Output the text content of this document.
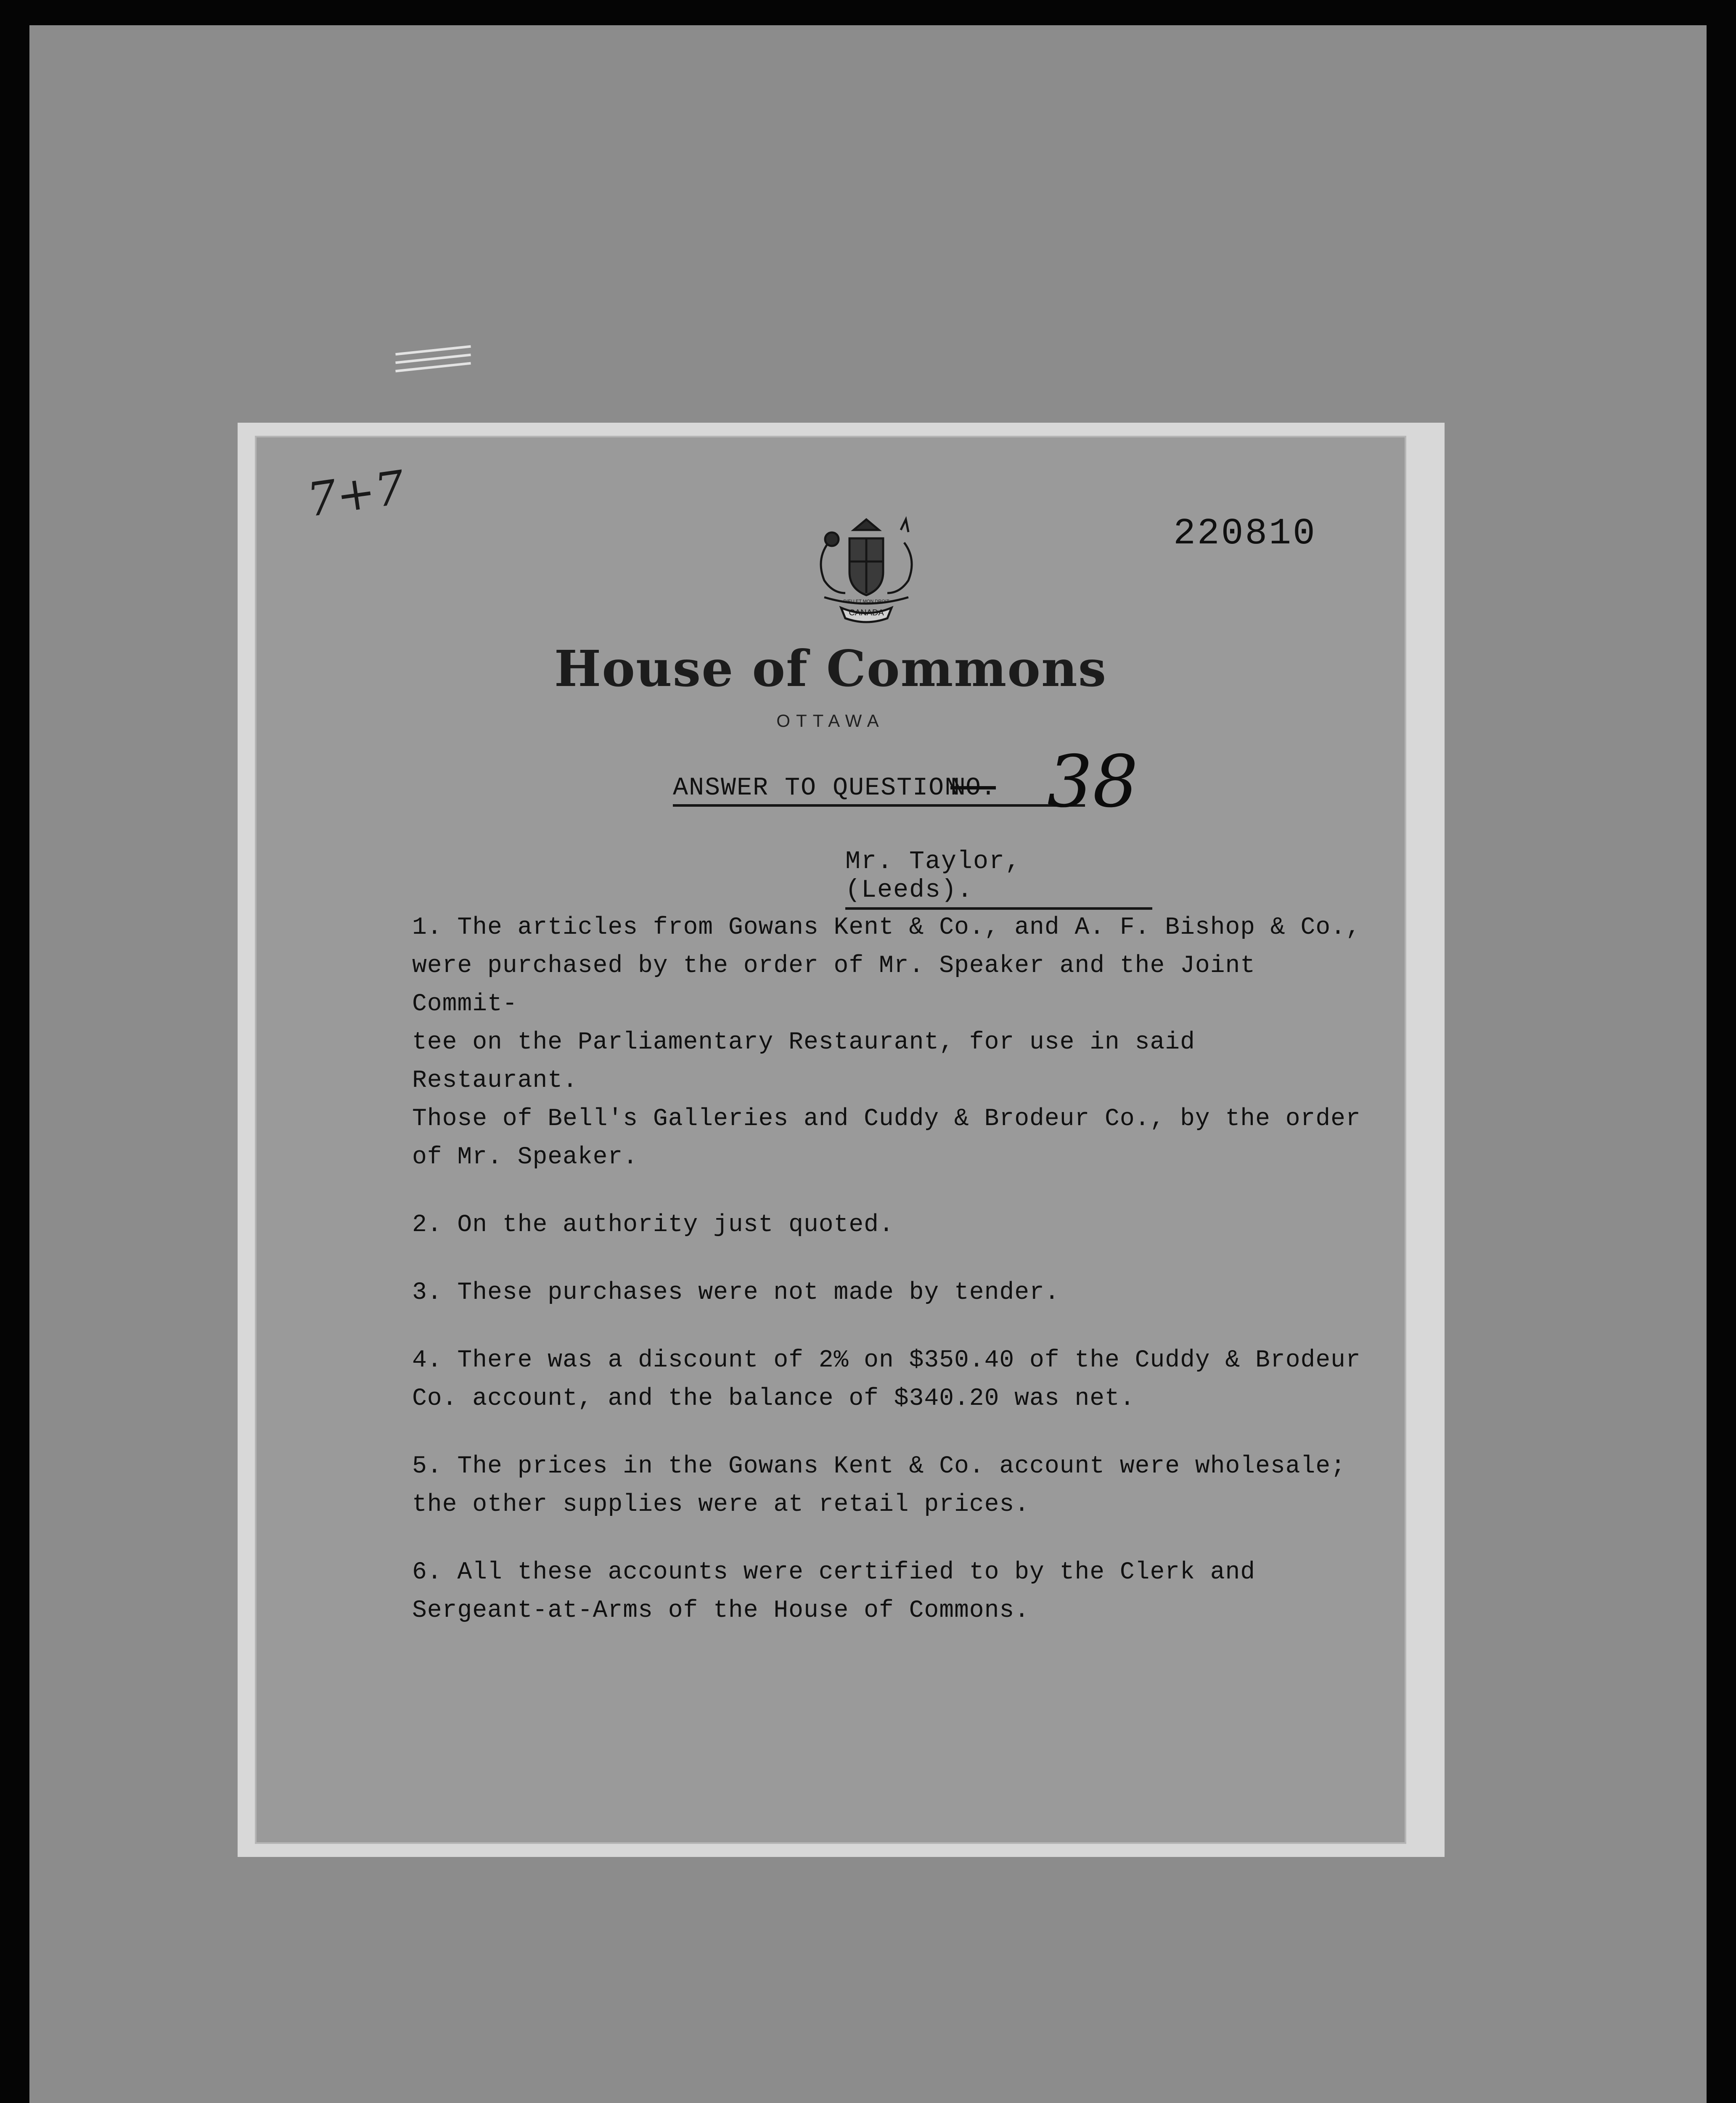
7+7
220810
CANADA
DIEU ET MON DROIT
House of Commons
OTTAWA
ANSWER TO QUESTION
NO. 38
Mr. Taylor, (Leeds).

1. The articles from Gowans Kent & Co., and A. F. Bishop & Co.,

were purchased by the order of Mr. Speaker and the Joint Commit-

tee on the Parliamentary Restaurant, for use in said Restaurant.

Those of Bell's Galleries and Cuddy & Brodeur Co., by the order

of Mr. Speaker.

2. On the authority just quoted.

3. These purchases were not made by tender.

4. There was a discount of 2% on $350.40 of the Cuddy & Brodeur

Co. account, and the balance of $340.20 was net.

5. The prices in the Gowans Kent & Co. account were wholesale;

the other supplies were at retail prices.

6. All these accounts were certified to by the Clerk and

Sergeant-at-Arms of the House of Commons.
